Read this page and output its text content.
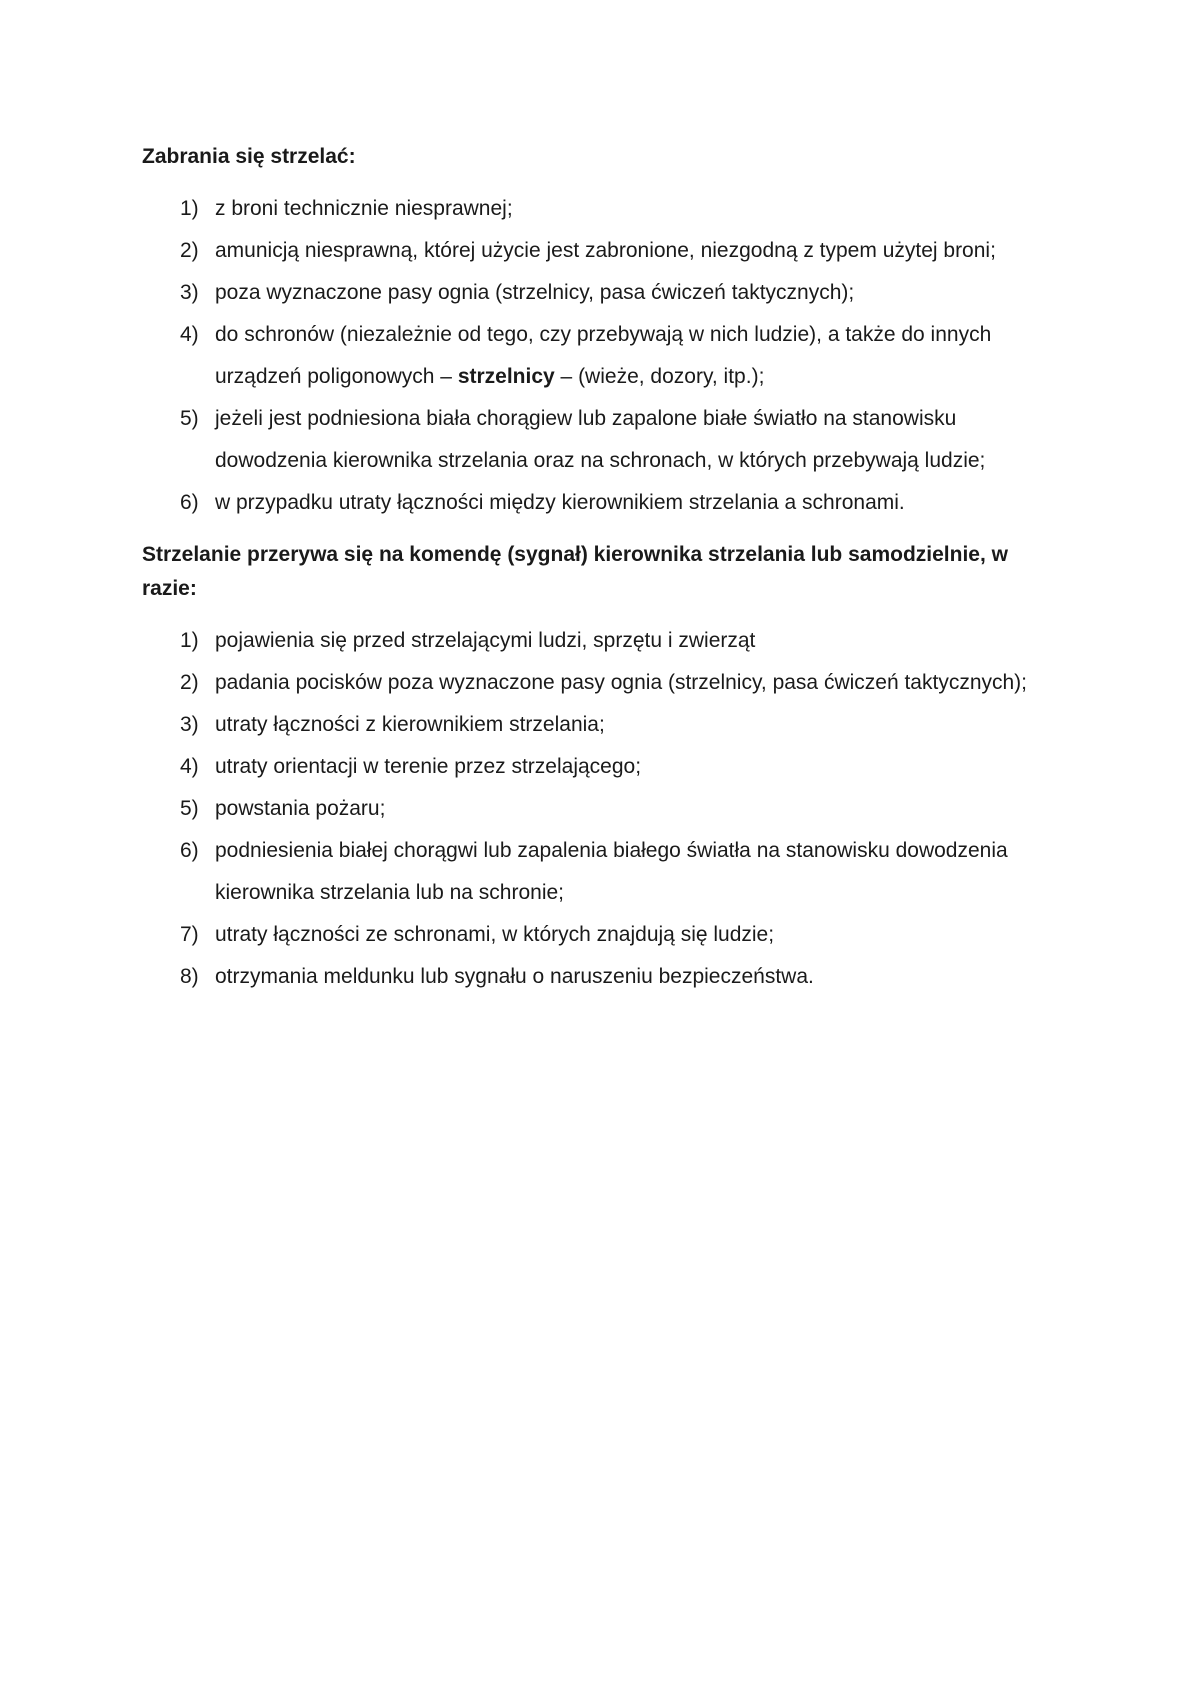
Zabrania się strzelać:

1) z broni technicznie niesprawnej;
2) amunicją niesprawną, której użycie jest zabronione, niezgodną z typem użytej broni;
3) poza wyznaczone pasy ognia (strzelnicy, pasa ćwiczeń taktycznych);
4) do schronów (niezależnie od tego, czy przebywają w nich ludzie), a także do innych urządzeń poligonowych – strzelnicy – (wieże, dozory, itp.);
5) jeżeli jest podniesiona biała chorągiew lub zapalone białe światło na stanowisku dowodzenia kierownika strzelania oraz na schronach, w których przebywają ludzie;
6) w przypadku utraty łączności między kierownikiem strzelania a schronami.

Strzelanie przerywa się na komendę (sygnał) kierownika strzelania lub samodzielnie, w razie:

1) pojawienia się przed strzelającymi ludzi, sprzętu i zwierząt
2) padania pocisków poza wyznaczone pasy ognia (strzelnicy, pasa ćwiczeń taktycznych);
3) utraty łączności z kierownikiem strzelania;
4) utraty orientacji w terenie przez strzelającego;
5) powstania pożaru;
6) podniesienia białej chorągwi lub zapalenia białego światła na stanowisku dowodzenia kierownika strzelania lub na schronie;
7) utraty łączności ze schronami, w których znajdują się ludzie;
8) otrzymania meldunku lub sygnału o naruszeniu bezpieczeństwa.
